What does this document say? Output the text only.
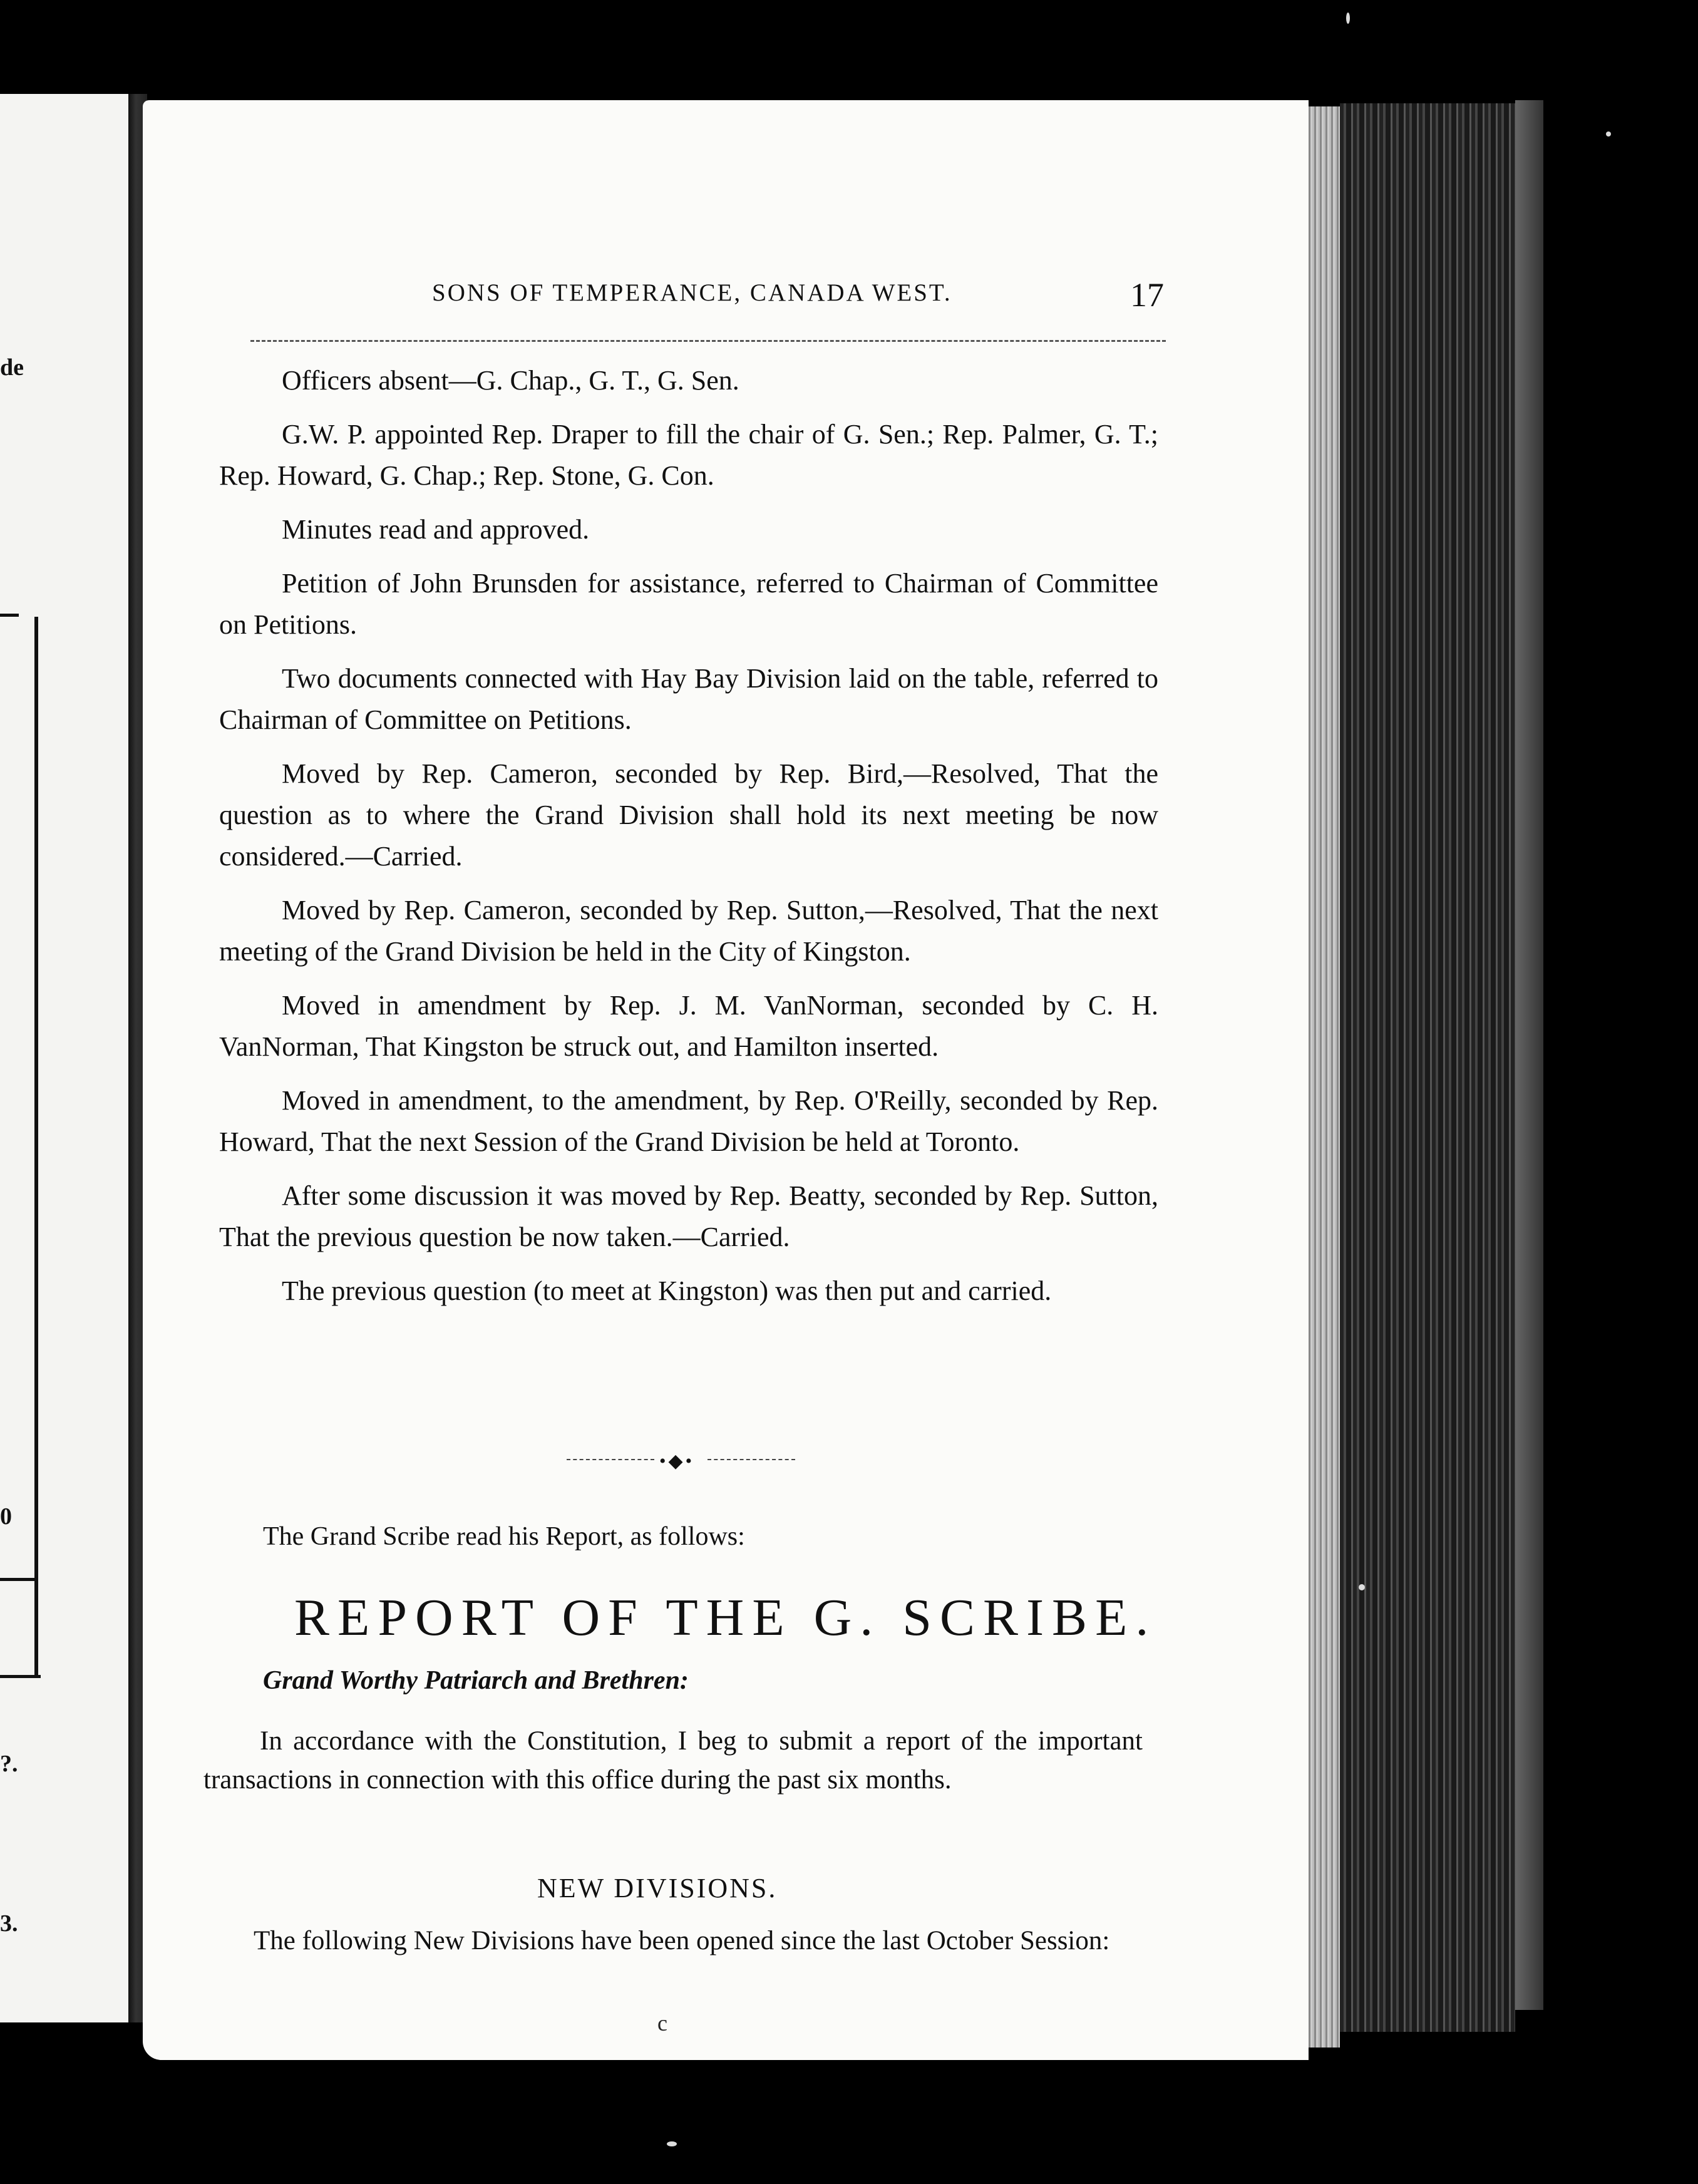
de
0
?.
3.
SONS OF TEMPERANCE, CANADA WEST.	17

Officers absent—G. Chap., G. T., G. Sen.

G.W. P. appointed Rep. Draper to fill the chair of G. Sen.; Rep. Palmer, G. T.; Rep. Howard, G. Chap.; Rep. Stone, G. Con.

Minutes read and approved.

Petition of John Brunsden for assistance, referred to Chairman of Committee on Petitions.

Two documents connected with Hay Bay Division laid on the table, referred to Chairman of Committee on Petitions.

Moved by Rep. Cameron, seconded by Rep. Bird,—Resolved, That the question as to where the Grand Division shall hold its next meeting be now considered.—Carried.

Moved by Rep. Cameron, seconded by Rep. Sutton,—Resolved, That the next meeting of the Grand Division be held in the City of Kingston.

Moved in amendment by Rep. J. M. VanNorman, seconded by C. H. VanNorman, That Kingston be struck out, and Hamilton inserted.

Moved in amendment, to the amendment, by Rep. O'Reilly, seconded by Rep. Howard, That the next Session of the Grand Division be held at Toronto.

After some discussion it was moved by Rep. Beatty, seconded by Rep. Sutton, That the previous question be now taken.—Carried.

The previous question (to meet at Kingston) was then put and carried.

•◆•
The Grand Scribe read his Report, as follows:
REPORT OF THE G. SCRIBE.
Grand Worthy Patriarch and Brethren:

In accordance with the Constitution, I beg to submit a report of the important transactions in connection with this office during the past six months.

NEW DIVISIONS.

The following New Divisions have been opened since the last October Session:

c
